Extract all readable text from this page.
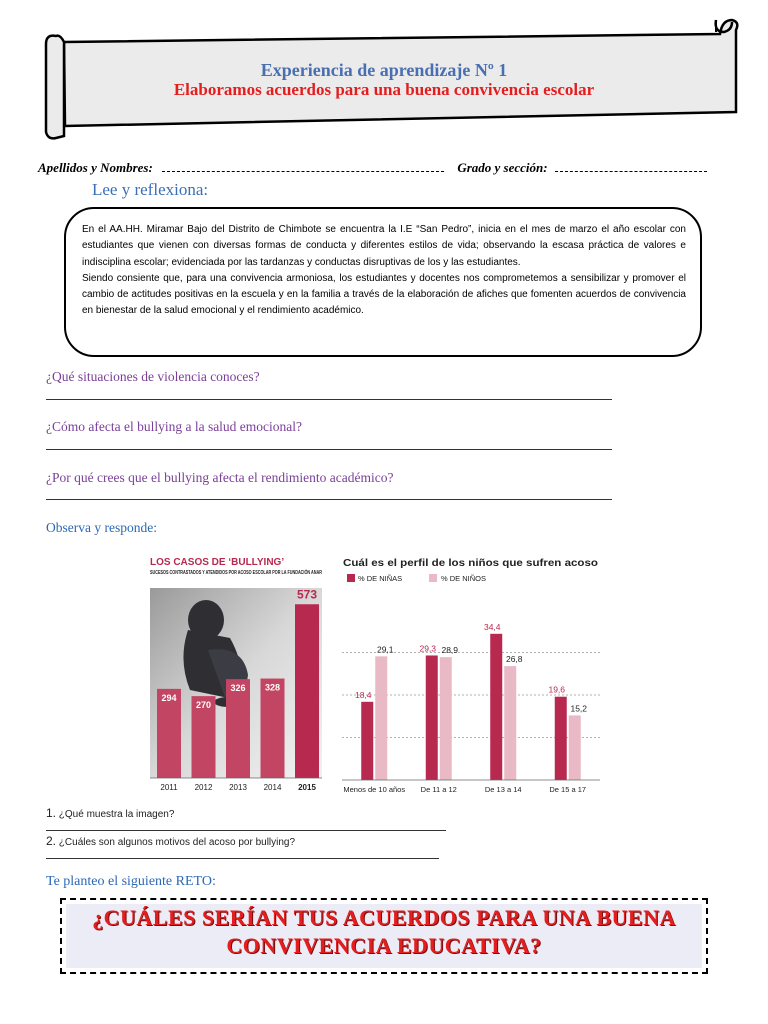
Experiencia de aprendizaje Nº 1
Elaboramos acuerdos para una buena convivencia escolar
Apellidos y Nombres:	Grado y sección:
Lee y reflexiona:

En el AA.HH. Miramar Bajo del Distrito de Chimbote se encuentra la I.E “San Pedro”, inicia en el mes de marzo el año escolar con estudiantes que vienen con diversas formas de conducta y diferentes estilos de vida; observando la escasa práctica de valores e indisciplina escolar; evidenciada por las tardanzas y conductas disruptivas de los y las estudiantes.

Siendo consiente que, para una convivencia armoniosa, los estudiantes y docentes nos comprometemos a sensibilizar y promover el cambio de actitudes positivas en la escuela y en la familia a través de la elaboración de afiches que fomenten acuerdos de convivencia en bienestar de la salud emocional y el rendimiento académico.

¿Qué situaciones de violencia conoces?
¿Cómo afecta el bullying a la salud emocional?
¿Por qué crees que el bullying afecta el rendimiento académico?
Observa y responde:
294
2011
270
2012
326
2013
328
2014
573
2015
18,4
29,1
Menos de 10 años
29,3 28,9
De 11 a 12
34,4
26,8
De 13 a 14
19,6
15,2
De 15 a 17
LOS CASOS DE ‘BULLYING’
SUCESOS CONTRASTADOS Y ATENDIDOS POR ACOSO ESCOLAR POR LA FUNDACIÓN ANAR
Cuál es el perfil de los niños que sufren acoso
% DE NIÑAS	% DE NIÑOS
1. ¿Qué muestra la imagen?
2. ¿Cuáles son algunos motivos del acoso por bullying?
Te planteo el siguiente RETO:
¿CUÁLES SERÍAN TUS ACUERDOS PARA UNA BUENA
CONVIVENCIA EDUCATIVA?
